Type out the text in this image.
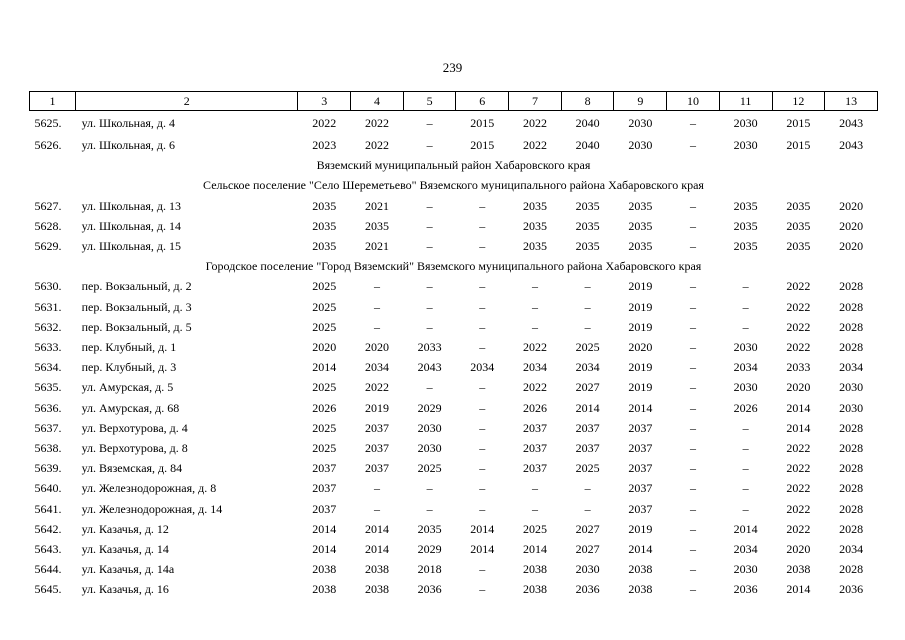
239
1	2	3	4	5	6	7	8	9	10	11	12	13
5625.	ул. Школьная, д. 4	2022	2022	–	2015	2022	2040	2030	–	2030	2015	2043
5626.	ул. Школьная, д. 6	2023	2022	–	2015	2022	2040	2030	–	2030	2015	2043
Вяземский муниципальный район Хабаровского края												
Сельское поселение "Село Шереметьево" Вяземского муниципального района Хабаровского края												
5627.	ул. Школьная, д. 13	2035	2021	–	–	2035	2035	2035	–	2035	2035	2020
5628.	ул. Школьная, д. 14	2035	2035	–	–	2035	2035	2035	–	2035	2035	2020
5629.	ул. Школьная, д. 15	2035	2021	–	–	2035	2035	2035	–	2035	2035	2020
Городское поселение "Город Вяземский" Вяземского муниципального района Хабаровского края												
5630.	пер. Вокзальный, д. 2	2025	–	–	–	–	–	2019	–	–	2022	2028
5631.	пер. Вокзальный, д. 3	2025	–	–	–	–	–	2019	–	–	2022	2028
5632.	пер. Вокзальный, д. 5	2025	–	–	–	–	–	2019	–	–	2022	2028
5633.	пер. Клубный, д. 1	2020	2020	2033	–	2022	2025	2020	–	2030	2022	2028
5634.	пер. Клубный, д. 3	2014	2034	2043	2034	2034	2034	2019	–	2034	2033	2034
5635.	ул. Амурская, д. 5	2025	2022	–	–	2022	2027	2019	–	2030	2020	2030
5636.	ул. Амурская, д. 68	2026	2019	2029	–	2026	2014	2014	–	2026	2014	2030
5637.	ул. Верхотурова, д. 4	2025	2037	2030	–	2037	2037	2037	–	–	2014	2028
5638.	ул. Верхотурова, д. 8	2025	2037	2030	–	2037	2037	2037	–	–	2022	2028
5639.	ул. Вяземская, д. 84	2037	2037	2025	–	2037	2025	2037	–	–	2022	2028
5640.	ул. Железнодорожная, д. 8	2037	–	–	–	–	–	2037	–	–	2022	2028
5641.	ул. Железнодорожная, д. 14	2037	–	–	–	–	–	2037	–	–	2022	2028
5642.	ул. Казачья, д. 12	2014	2014	2035	2014	2025	2027	2019	–	2014	2022	2028
5643.	ул. Казачья, д. 14	2014	2014	2029	2014	2014	2027	2014	–	2034	2020	2034
5644.	ул. Казачья, д. 14а	2038	2038	2018	–	2038	2030	2038	–	2030	2038	2028
5645.	ул. Казачья, д. 16	2038	2038	2036	–	2038	2036	2038	–	2036	2014	2036
